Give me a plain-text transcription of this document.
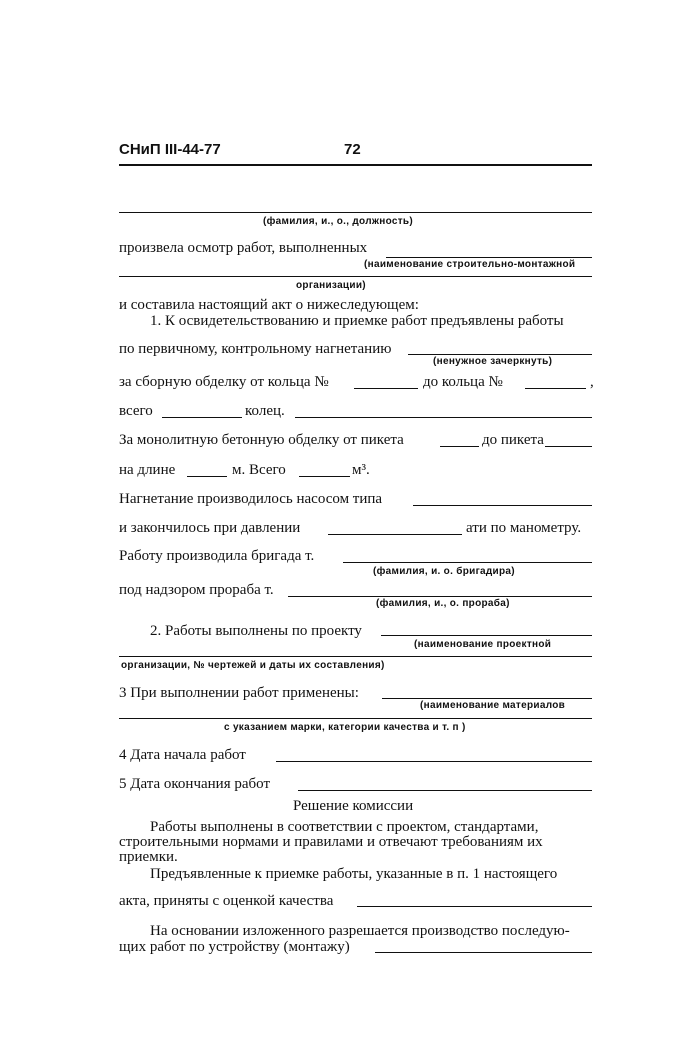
СНиП III-44-77	72
(фамилия, и., о., должность)
произвела осмотр работ, выполненных
(наименование строительно-монтажной
организации)
и составила настоящий акт о нижеследующем:
1. К освидетельствованию и приемке работ предъявлены работы
по первичному, контрольному нагнетанию
(ненужное зачеркнуть)
за сборную обделку от кольца №	до кольца №	,
всего	колец.
За монолитную бетонную обделку от пикета	до пикета
на длине	м. Всего	м³.
Нагнетание производилось насосом типа
и закончилось при давлении	ати по манометру.
Работу производила бригада т.
(фамилия, и. о. бригадира)
под надзором прораба т.
(фамилия, и., о. прораба)
2. Работы выполнены по проекту
(наименование проектной
организации, № чертежей и даты их составления)
3 При выполнении работ применены:
(наименование материалов
с указанием марки, категории качества и т. п )
4 Дата начала работ
5 Дата окончания работ
Решение комиссии
Работы выполнены в соответствии с проектом, стандартами,
строительными нормами и правилами и отвечают требованиям их
приемки.
Предъявленные к приемке работы, указанные в п. 1 настоящего
акта, приняты с оценкой качества
На основании изложенного разрешается производство последую-
щих работ по устройству (монтажу)
